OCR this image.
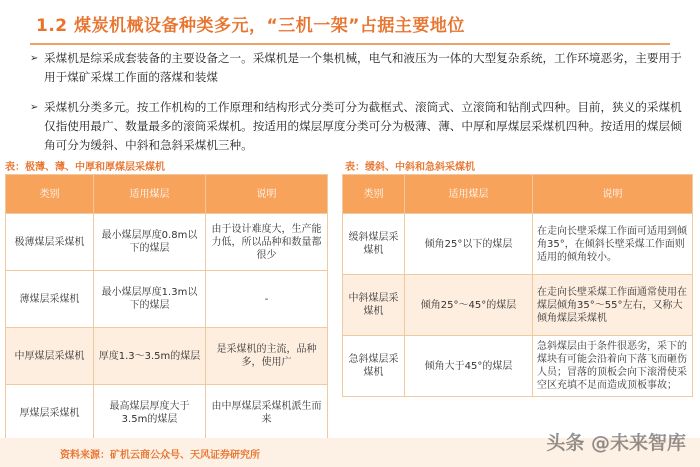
1.2 煤炭机械设备种类多元，“三机一架”占据主要地位
➢ 采煤机是综采成套装备的主要设备之一。采煤机是一个集机械，电气和液压为一体的大型复杂系统，工作环境恶劣，主要用于用于煤矿采煤工作面的落煤和装煤
➢ 采煤机分类多元。按工作机构的工作原理和结构形式分类可分为截框式、滚筒式、立滚筒和钻削式四种。目前，狭义的采煤机仅指使用最广、数量最多的滚筒采煤机。按适用的煤层厚度分类可分为极薄、薄、中厚和厚煤层采煤机四种。按适用的煤层倾角可分为缓斜、中斜和急斜采煤机三种。
表：极薄、薄、中厚和厚煤层采煤机	表：缓斜、中斜和急斜采煤机
类别	适用煤层	说明
极薄煤层采煤机	最小煤层厚度0.8m以下的煤层	由于设计难度大，生产能力低，所以品种和数量都很少
薄煤层采煤机	最小煤层厚度1.3m以下的煤层	-
中厚煤层采煤机	厚度1.3～3.5m的煤层	是采煤机的主流，品种多，使用广
厚煤层采煤机	最高煤层厚度大于3.5m的煤层	由中厚煤层采煤机派生而来
类别	适用煤层	说明
缓斜煤层采煤机	倾角25°以下的煤层	在走向长壁采煤工作面可适用到倾角35°，在倾斜长壁采煤工作面则适用的倾角较小。
中斜煤层采煤机	倾角25°～45°的煤层	在走向长壁采煤工作面通常使用在煤层倾角35°～55°左右，又称大倾角煤层采煤机
急斜煤层采煤机	倾角大于45°的煤层	急斜煤层由于条件很恶劣，采下的煤块有可能会沿着向下落飞而砸伤人员；冒落的顶板会向下滚滑使采空区充填不足而造成顶板事故；
资料来源：矿机云商公众号、天风证券研究所
头条 @未来智库
